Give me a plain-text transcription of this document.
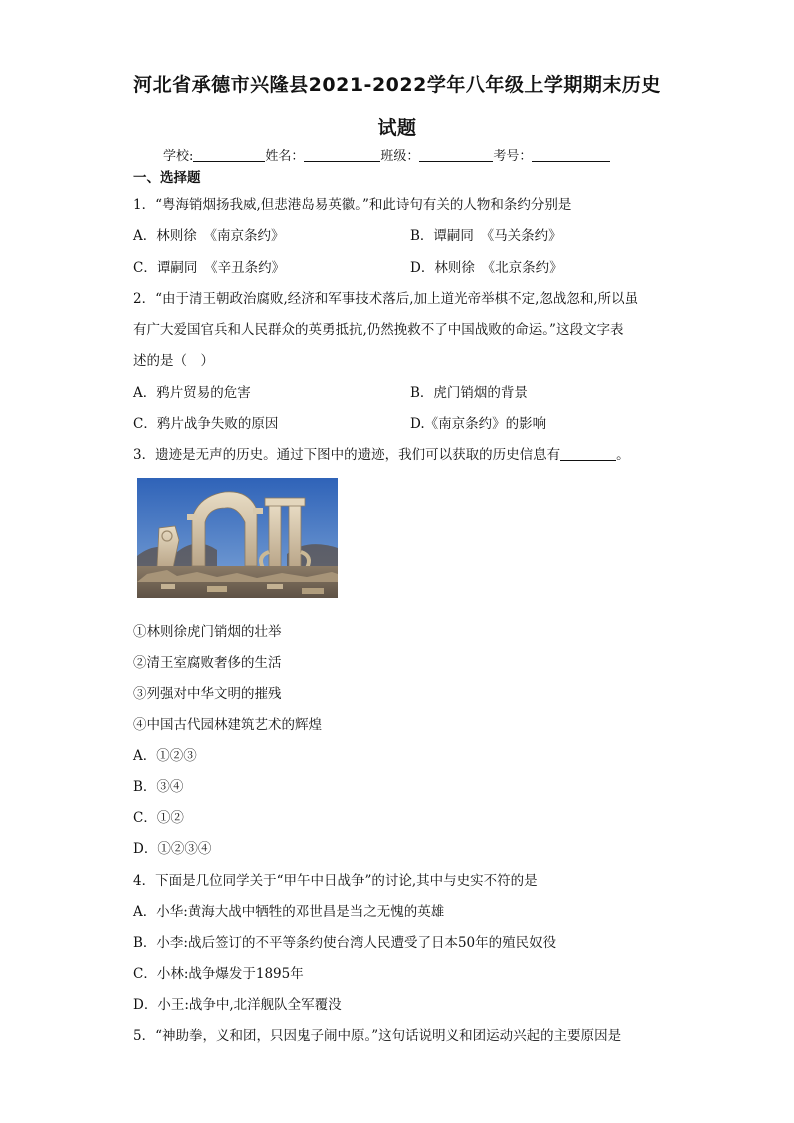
河北省承德市兴隆县2021-2022学年八年级上学期期末历史
试题
学校:	姓名：	班级：	考号：
一、选择题
1．“粤海销烟扬我威,但悲港岛易英徽。”和此诗句有关的人物和条约分别是
A．林则徐　《南京条约》	B．谭嗣同　《马关条约》
C．谭嗣同　《辛丑条约》	D．林则徐　《北京条约》
2．“由于清王朝政治腐败,经济和军事技术落后,加上道光帝举棋不定,忽战忽和,所以虽
有广大爱国官兵和人民群众的英勇抵抗,仍然挽救不了中国战败的命运。”这段文字表
述的是（　）
A．鸦片贸易的危害	B．虎门销烟的背景
C．鸦片战争失败的原因	D.《南京条约》的影响
3．遗迹是无声的历史。通过下图中的遗迹，我们可以获取的历史信息有	。
①林则徐虎门销烟的壮举
②清王室腐败奢侈的生活
③列强对中华文明的摧残
④中国古代园林建筑艺术的辉煌
A．①②③
B．③④
C．①②
D．①②③④
4．下面是几位同学关于“甲午中日战争”的讨论,其中与史实不符的是
A．小华:黄海大战中牺牲的邓世昌是当之无愧的英雄
B．小李:战后签订的不平等条约使台湾人民遭受了日本50年的殖民奴役
C．小林:战争爆发于1895年
D．小王:战争中,北洋舰队全军覆没
5．“神助拳，义和团，只因鬼子闹中原。”这句话说明义和团运动兴起的主要原因是
